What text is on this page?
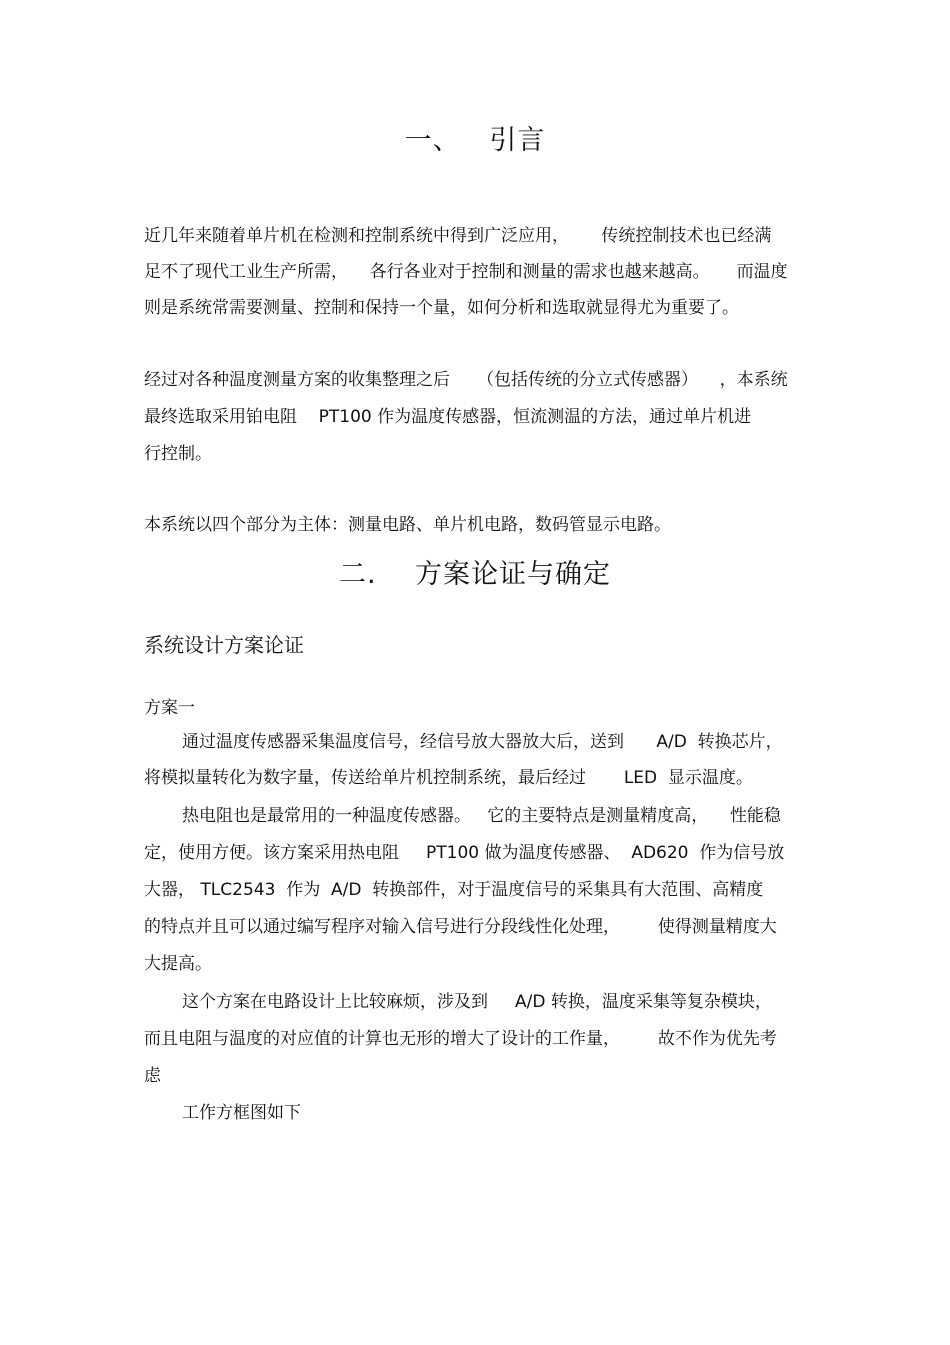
一、   引言
近几年来随着单片机在检测和控制系统中得到广泛应用，      传统控制技术也已经满
足不了现代工业生产所需，    各行各业对于控制和测量的需求也越来越高。     而温度
则是系统常需要测量、控制和保持一个量，如何分析和选取就显得尤为重要了。
经过对各种温度测量方案的收集整理之后     （包括传统的分立式传感器）    ，本系统
最终选取采用铂电阻    PT100 作为温度传感器，恒流测温的方法，通过单片机进
行控制。
本系统以四个部分为主体：测量电路、单片机电路，数码管显示电路。
二.    方案论证与确定
系统设计方案论证
方案一
通过温度传感器采集温度信号，经信号放大器放大后，送到      A/D  转换芯片，
将模拟量转化为数字量，传送给单片机控制系统，最后经过       LED  显示温度。
热电阻也是最常用的一种温度传感器。   它的主要特点是测量精度高，    性能稳
定，使用方便。该方案采用热电阻     PT100 做为温度传感器、  AD620  作为信号放
大器， TLC2543  作为  A/D  转换部件，对于温度信号的采集具有大范围、高精度
的特点并且可以通过编写程序对输入信号进行分段线性化处理，       使得测量精度大
大提高。
这个方案在电路设计上比较麻烦，涉及到     A/D 转换，温度采集等复杂模块，
而且电阻与温度的对应值的计算也无形的增大了设计的工作量，       故不作为优先考
虑
工作方框图如下
